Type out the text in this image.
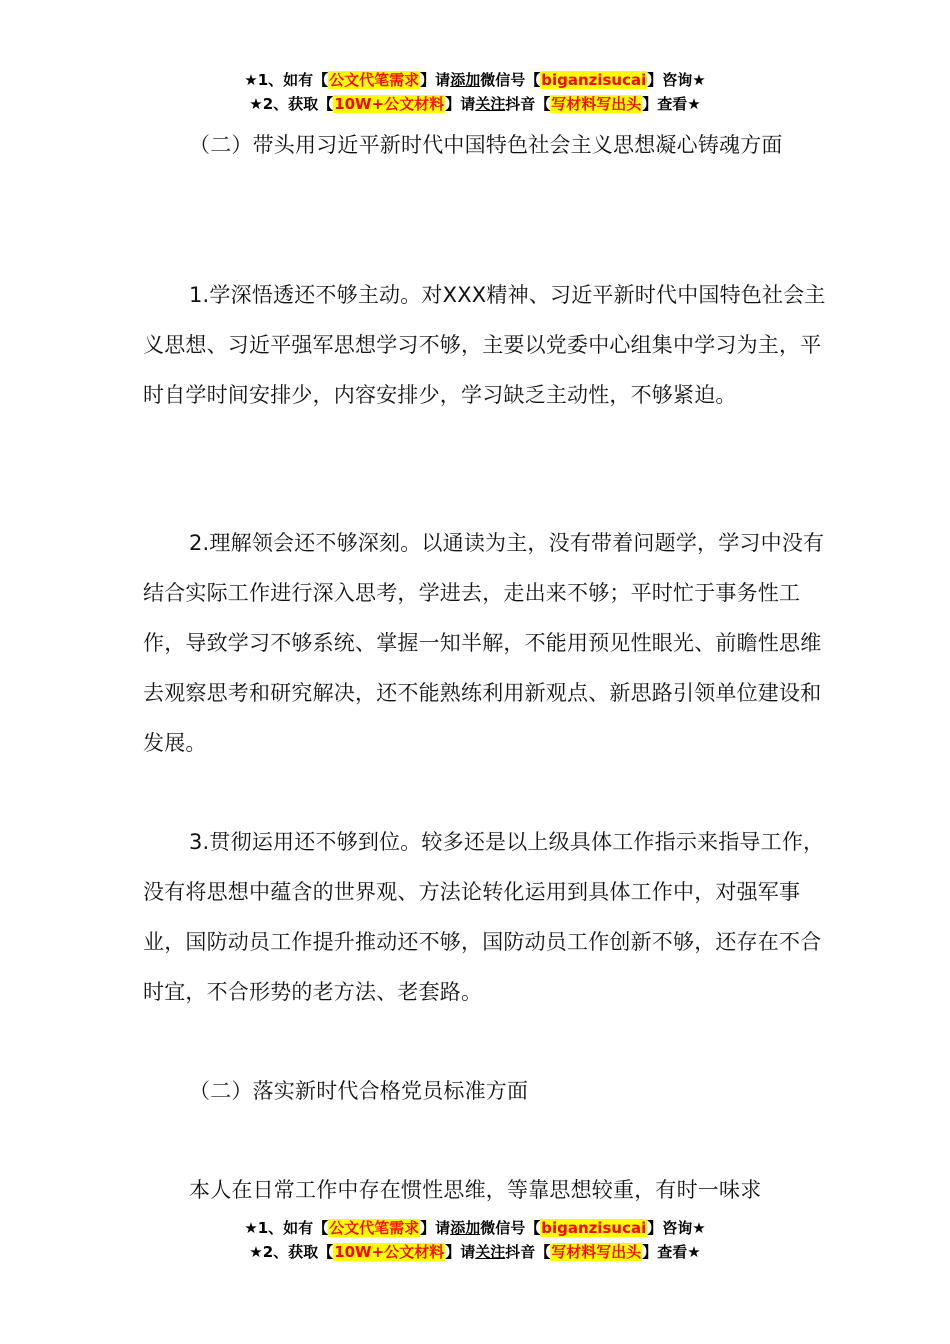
★1、如有【公文代笔需求】请添加微信号【biganzisucai】咨询★
★2、获取【10W+公文材料】请关注抖音【写材料写出头】查看★

（二）带头用习近平新时代中国特色社会主义思想凝心铸魂方面

1.学深悟透还不够主动。对XXX精神、习近平新时代中国特色社会主义思想、习近平强军思想学习不够，主要以党委中心组集中学习为主，平时自学时间安排少，内容安排少，学习缺乏主动性，不够紧迫。

2.理解领会还不够深刻。以通读为主，没有带着问题学，学习中没有结合实际工作进行深入思考，学进去，走出来不够；平时忙于事务性工作，导致学习不够系统、掌握一知半解，不能用预见性眼光、前瞻性思维去观察思考和研究解决，还不能熟练利用新观点、新思路引领单位建设和发展。

3.贯彻运用还不够到位。较多还是以上级具体工作指示来指导工作，没有将思想中蕴含的世界观、方法论转化运用到具体工作中，对强军事业，国防动员工作提升推动还不够，国防动员工作创新不够，还存在不合时宜，不合形势的老方法、老套路。

（二）落实新时代合格党员标准方面

本人在日常工作中存在惯性思维，等靠思想较重，有时一味求

★1、如有【公文代笔需求】请添加微信号【biganzisucai】咨询★
★2、获取【10W+公文材料】请关注抖音【写材料写出头】查看★
